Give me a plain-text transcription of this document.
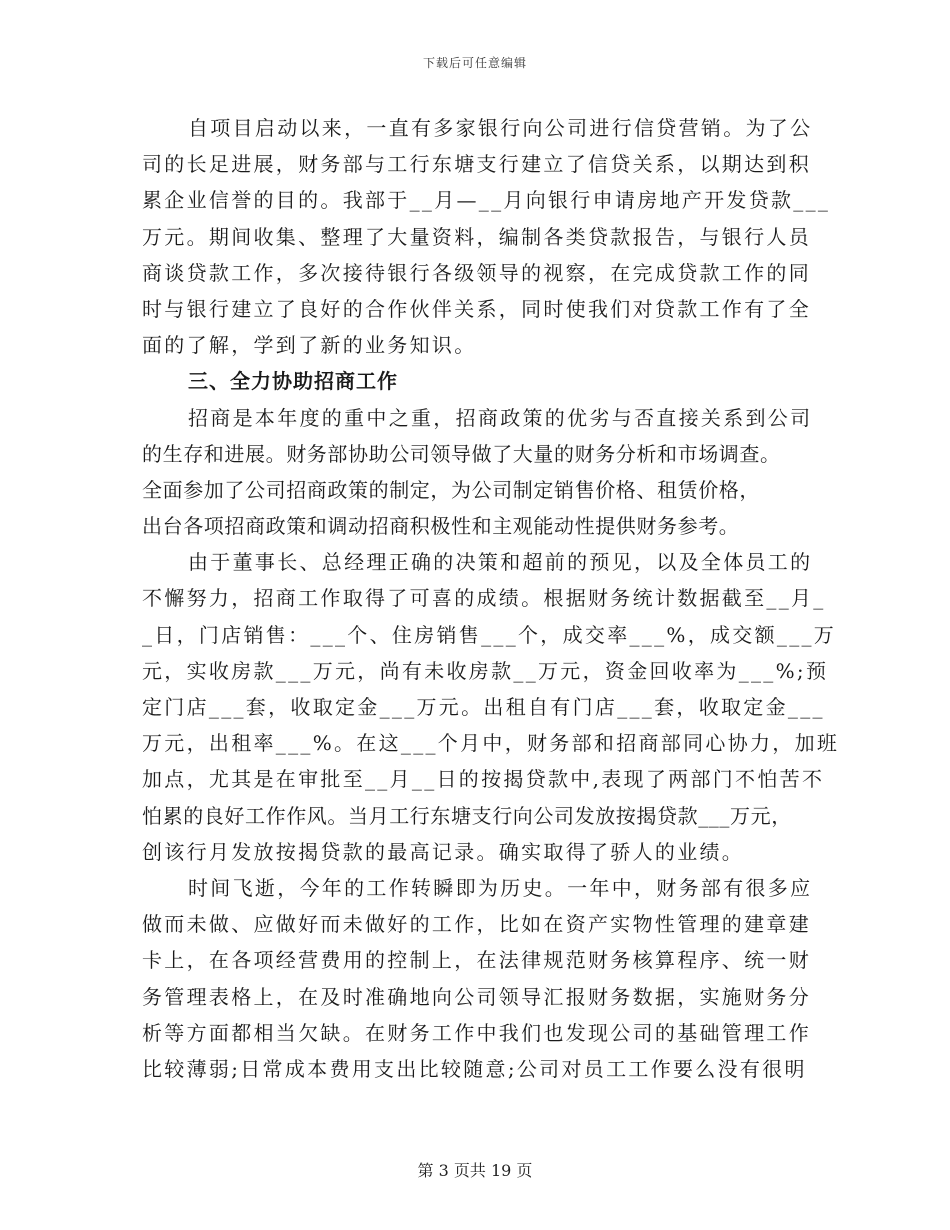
下载后可任意编辑
自项目启动以来，一直有多家银行向公司进行信贷营销。为了公
司的长足进展，财务部与工行东塘支行建立了信贷关系，以期达到积
累企业信誉的目的。我部于__月—__月向银行申请房地产开发贷款___
万元。期间收集、整理了大量资料，编制各类贷款报告，与银行人员
商谈贷款工作，多次接待银行各级领导的视察，在完成贷款工作的同
时与银行建立了良好的合作伙伴关系，同时使我们对贷款工作有了全
面的了解，学到了新的业务知识。
三、全力协助招商工作
招商是本年度的重中之重，招商政策的优劣与否直接关系到公司
的生存和进展。财务部协助公司领导做了大量的财务分析和市场调查。
全面参加了公司招商政策的制定，为公司制定销售价格、租赁价格，
出台各项招商政策和调动招商积极性和主观能动性提供财务参考。
由于董事长、总经理正确的决策和超前的预见，以及全体员工的
不懈努力，招商工作取得了可喜的成绩。根据财务统计数据截至__月_
_日，门店销售：___个、住房销售___个，成交率___%，成交额___万
元，实收房款___万元，尚有未收房款__万元，资金回收率为___%;预
定门店___套，收取定金___万元。出租自有门店___套，收取定金___
万元，出租率___%。在这___个月中，财务部和招商部同心协力，加班
加点，尤其是在审批至__月__日的按揭贷款中,表现了两部门不怕苦不
怕累的良好工作作风。当月工行东塘支行向公司发放按揭贷款___万元，
创该行月发放按揭贷款的最高记录。确实取得了骄人的业绩。
时间飞逝，今年的工作转瞬即为历史。一年中，财务部有很多应
做而未做、应做好而未做好的工作，比如在资产实物性管理的建章建
卡上，在各项经营费用的控制上，在法律规范财务核算程序、统一财
务管理表格上，在及时准确地向公司领导汇报财务数据，实施财务分
析等方面都相当欠缺。在财务工作中我们也发现公司的基础管理工作
比较薄弱;日常成本费用支出比较随意;公司对员工工作要么没有很明
第 3 页共 19 页
